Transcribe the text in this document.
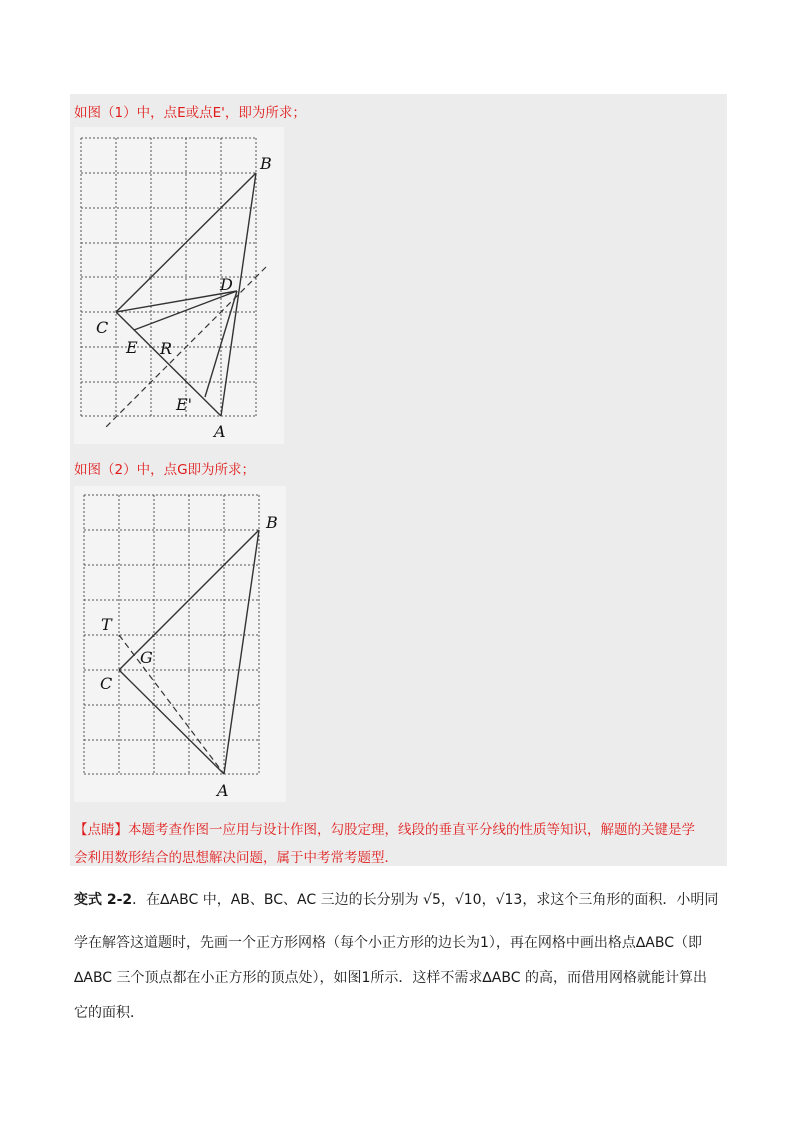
如图（1）中，点E或点E'，即为所求；
B
D
C
E R
E'
A
如图（2）中，点G即为所求；
T
G
C
B
A
【点睛】本题考查作图一应用与设计作图，勾股定理，线段的垂直平分线的性质等知识，解题的关键是学
会利用数形结合的思想解决问题，属于中考常考题型．
变式 2-2．在∆ABC 中，AB、BC、AC 三边的长分别为 √5，√10，√13，求这个三角形的面积．小明同
学在解答这道题时，先画一个正方形网格（每个小正方形的边长为1），再在网格中画出格点∆ABC（即
∆ABC 三个顶点都在小正方形的顶点处），如图1所示．这样不需求∆ABC 的高，而借用网格就能计算出
它的面积．
